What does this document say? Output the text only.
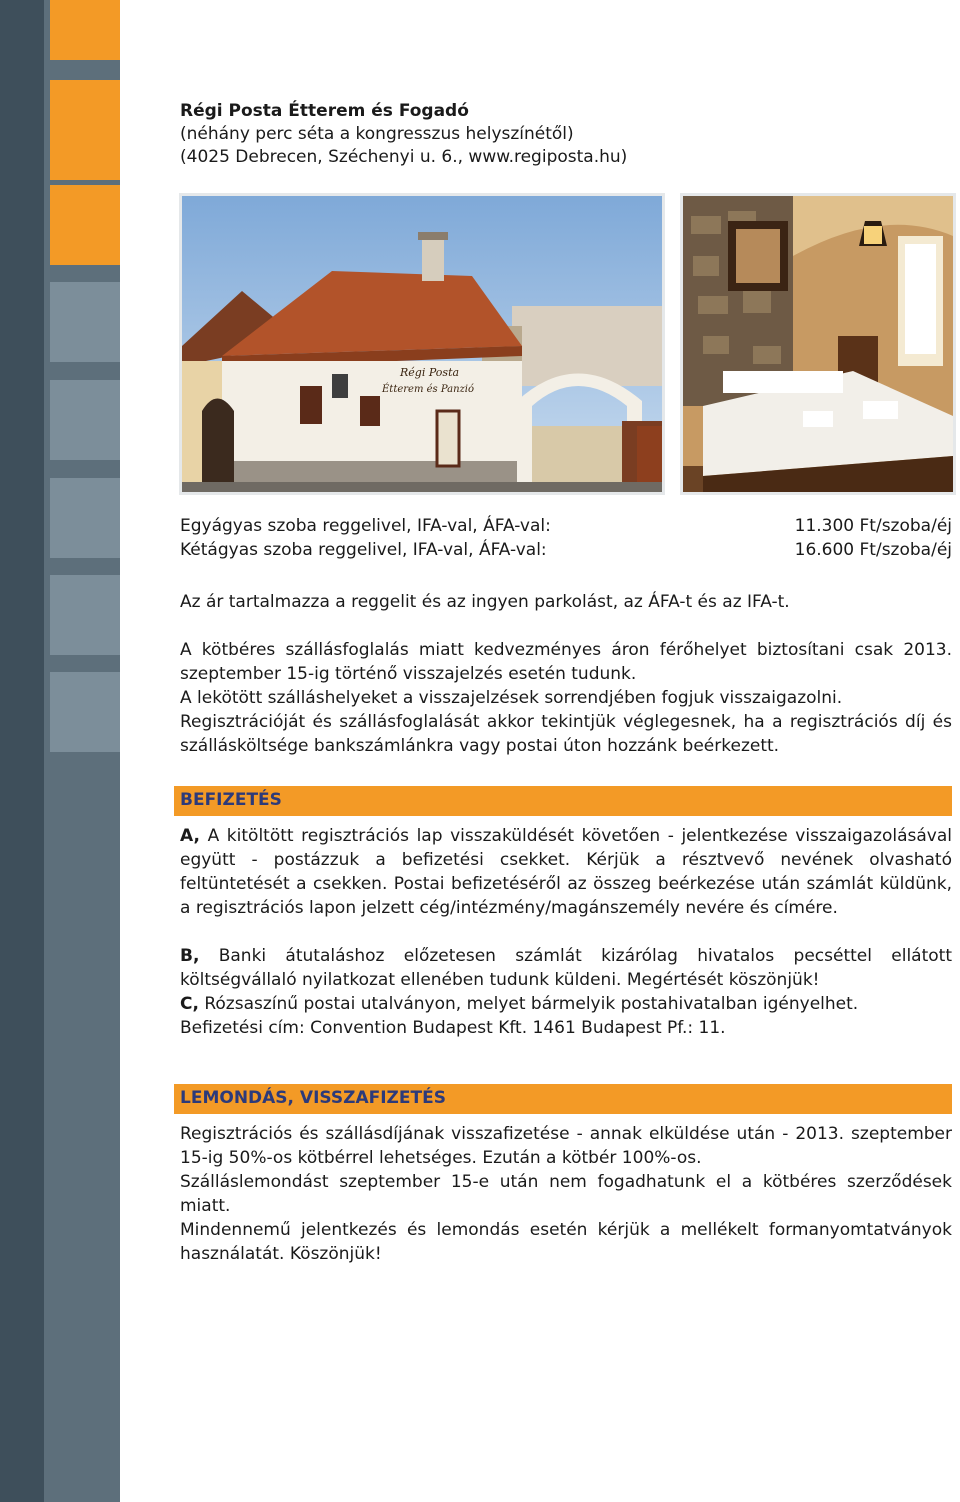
Régi Posta Étterem és Fogadó
(néhány perc séta a kongresszus helyszínétől)
(4025 Debrecen, Széchenyi u. 6., www.regiposta.hu)
Régi Posta
Étterem és Panzió
Egyágyas szoba reggelivel, IFA-val, ÁFA-val:	11.300 Ft/szoba/éj
Kétágyas szoba reggelivel, IFA-val, ÁFA-val:	16.600 Ft/szoba/éj
Az ár tartalmazza a reggelit és az ingyen parkolást, az ÁFA-t és az IFA-t.
A kötbéres szállásfoglalás miatt kedvezményes áron férőhelyet biztosítani csak 2013. szeptember 15-ig történő visszajelzés esetén tudunk.
A lekötött szálláshelyeket a visszajelzések sorrendjében fogjuk visszaigazolni.
Regisztrációját és szállásfoglalását akkor tekintjük véglegesnek, ha a regisztrációs díj és szállásköltsége bankszámlánkra vagy postai úton hozzánk beérkezett.
BEFIZETÉS
A, A kitöltött regisztrációs lap visszaküldését követően - jelentkezése visszaigazolásával együtt - postázzuk a befizetési csekket. Kérjük a résztvevő nevének olvasható feltüntetését a csekken. Postai befizetéséről az összeg beérkezése után számlát küldünk, a regisztrációs lapon jelzett cég/intézmény/magánszemély nevére és címére.
B, Banki átutaláshoz előzetesen számlát kizárólag hivatalos pecséttel ellátott költségvállaló nyilatkozat ellenében tudunk küldeni. Megértését köszönjük!
C, Rózsaszínű postai utalványon, melyet bármelyik postahivatalban igényelhet.
Befizetési cím: Convention Budapest Kft. 1461 Budapest Pf.: 11.
LEMONDÁS, VISSZAFIZETÉS
Regisztrációs és szállásdíjának visszafizetése - annak elküldése után - 2013. szeptember 15-ig 50%-os kötbérrel lehetséges. Ezután a kötbér 100%-os.
Szálláslemondást szeptember 15-e után nem fogadhatunk el a kötbéres szerződések miatt.
Mindennemű jelentkezés és lemondás esetén kérjük a mellékelt formanyomtatványok használatát. Köszönjük!
